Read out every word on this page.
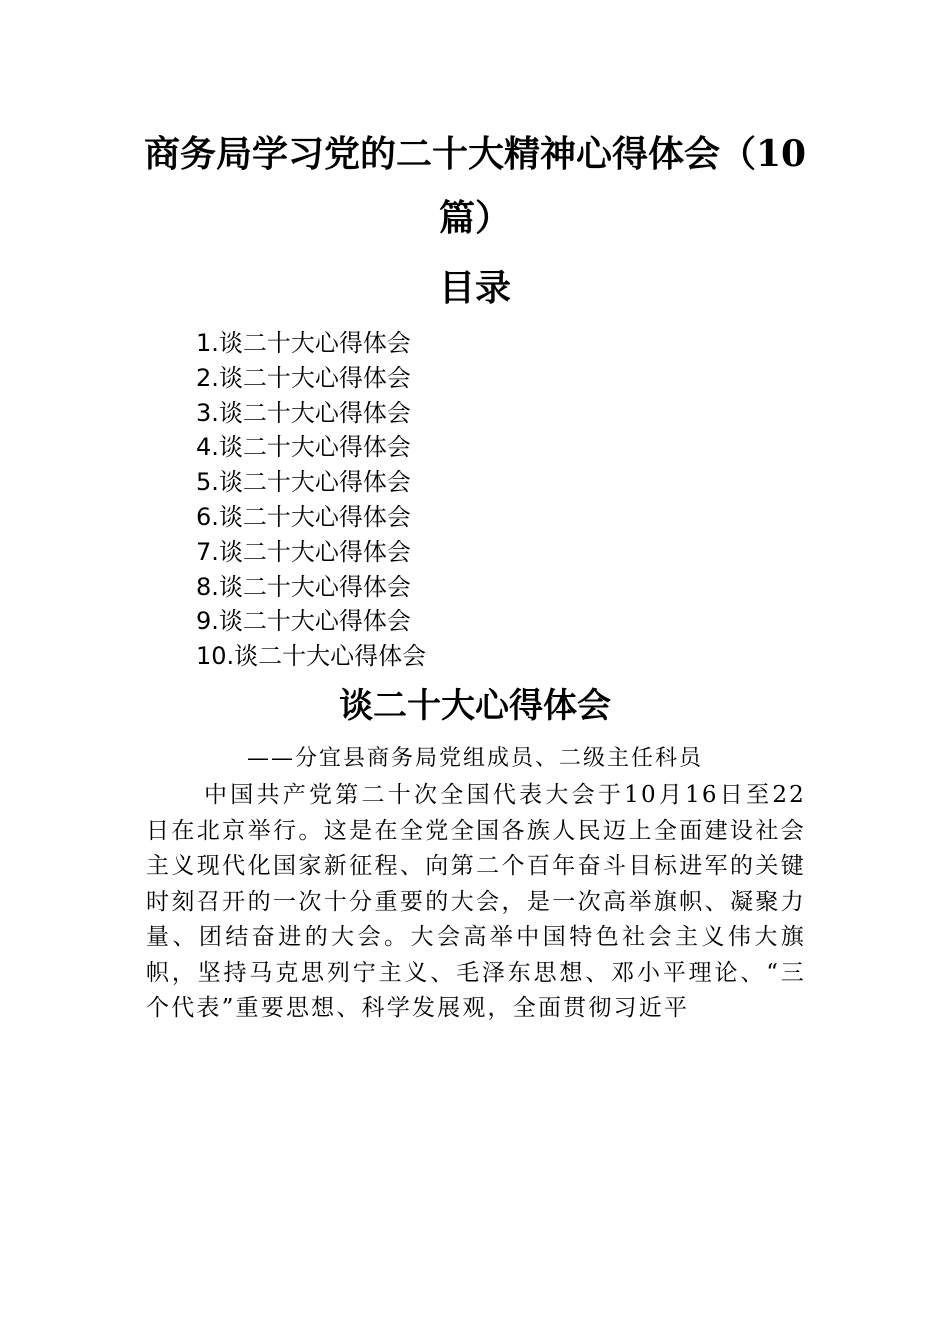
商务局学习党的二十大精神心得体会（10篇）
目录
1.谈二十大心得体会
2.谈二十大心得体会
3.谈二十大心得体会
4.谈二十大心得体会
5.谈二十大心得体会
6.谈二十大心得体会
7.谈二十大心得体会
8.谈二十大心得体会
9.谈二十大心得体会
10.谈二十大心得体会
谈二十大心得体会
——分宜县商务局党组成员、二级主任科员

中国共产党第二十次全国代表大会于10月16日至22日在北京举行。这是在全党全国各族人民迈上全面建设社会主义现代化国家新征程、向第二个百年奋斗目标进军的关键时刻召开的一次十分重要的大会，是一次高举旗帜、凝聚力量、团结奋进的大会。大会高举中国特色社会主义伟大旗帜，坚持马克思列宁主义、毛泽东思想、邓小平理论、“三个代表”重要思想、科学发展观，全面贯彻习近平
